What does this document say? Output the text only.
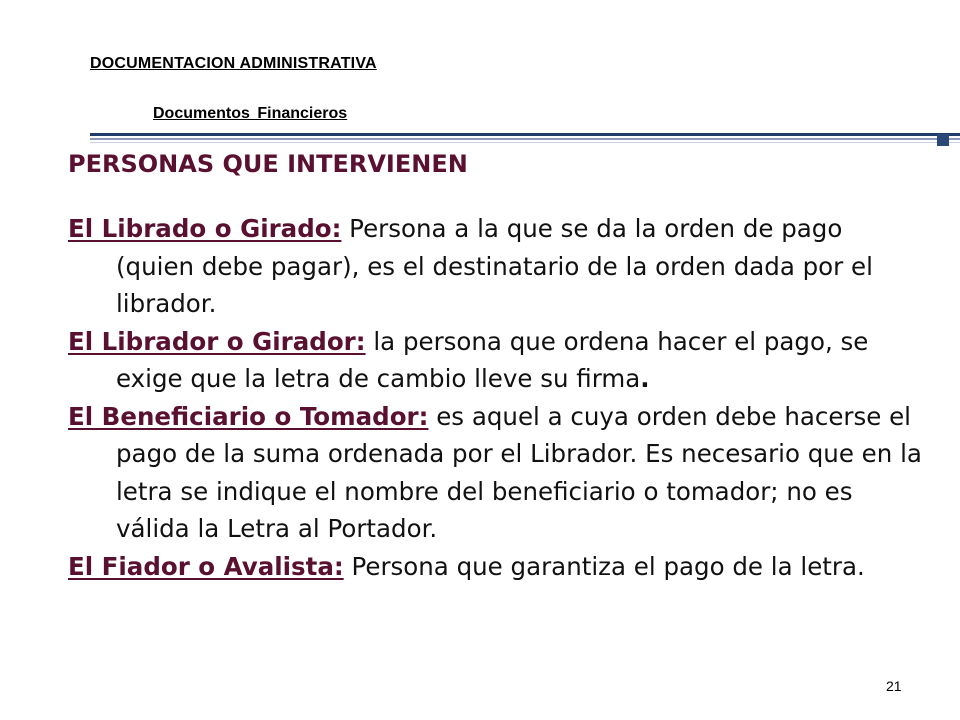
DOCUMENTACION ADMINISTRATIVA
Documentos Financieros
PERSONAS QUE INTERVIENEN

El Librado o Girado: Persona a la que se da la orden de pago (quien debe pagar), es el destinatario de la orden dada por el librador.

El Librador o Girador: la persona que ordena hacer el pago, se exige que la letra de cambio lleve su firma.

El Beneficiario o Tomador: es aquel a cuya orden debe hacerse el pago de la suma ordenada por el Librador. Es necesario que en la letra se indique el nombre del beneficiario o tomador; no es válida la Letra al Portador.

El Fiador o Avalista: Persona que garantiza el pago de la letra.

21
